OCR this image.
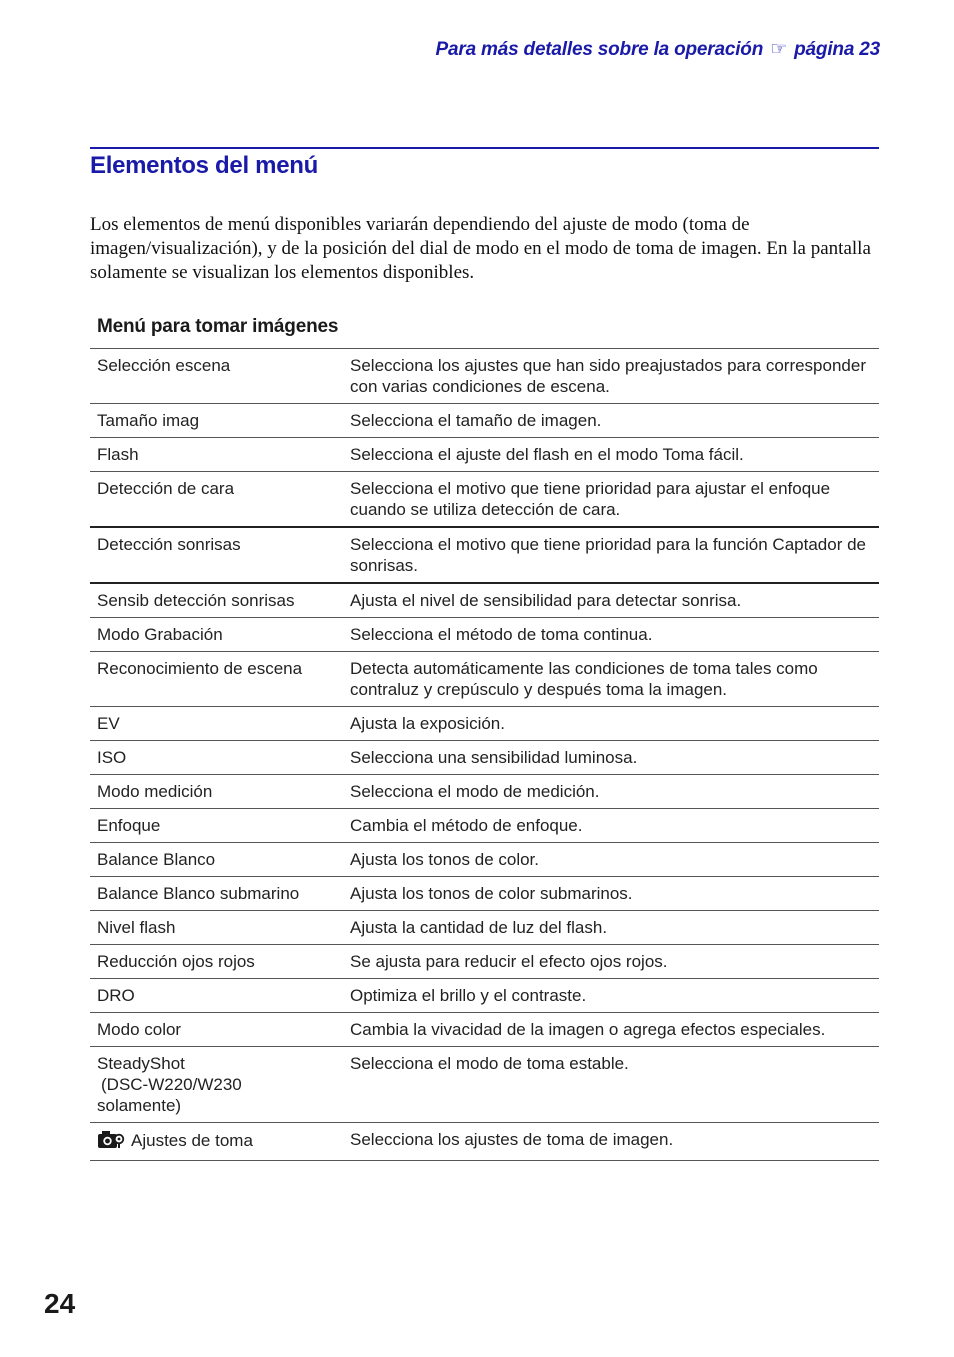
Para más detalles sobre la operación ☞ página 23
Elementos del menú

Los elementos de menú disponibles variarán dependiendo del ajuste de modo (toma de imagen/visualización), y de la posición del dial de modo en el modo de toma de imagen. En la pantalla solamente se visualizan los elementos disponibles.

Menú para tomar imágenes
Selección escena	Selecciona los ajustes que han sido preajustados para corresponder con varias condiciones de escena.
Tamaño imag	Selecciona el tamaño de imagen.
Flash	Selecciona el ajuste del flash en el modo Toma fácil.
Detección de cara	Selecciona el motivo que tiene prioridad para ajustar el enfoque cuando se utiliza detección de cara.
Detección sonrisas	Selecciona el motivo que tiene prioridad para la función Captador de sonrisas.
Sensib detección sonrisas	Ajusta el nivel de sensibilidad para detectar sonrisa.
Modo Grabación	Selecciona el método de toma continua.
Reconocimiento de escena	Detecta automáticamente las condiciones de toma tales como contraluz y crepúsculo y después toma la imagen.
EV	Ajusta la exposición.
ISO	Selecciona una sensibilidad luminosa.
Modo medición	Selecciona el modo de medición.
Enfoque	Cambia el método de enfoque.
Balance Blanco	Ajusta los tonos de color.
Balance Blanco submarino	Ajusta los tonos de color submarinos.
Nivel flash	Ajusta la cantidad de luz del flash.
Reducción ojos rojos	Se ajusta para reducir el efecto ojos rojos.
DRO	Optimiza el brillo y el contraste.
Modo color	Cambia la vivacidad de la imagen o agrega efectos especiales.

SteadyShot
(DSC-W220/W230
solamente)	Selecciona el modo de toma estable.
Ajustes de toma	Selecciona los ajustes de toma de imagen.
24
